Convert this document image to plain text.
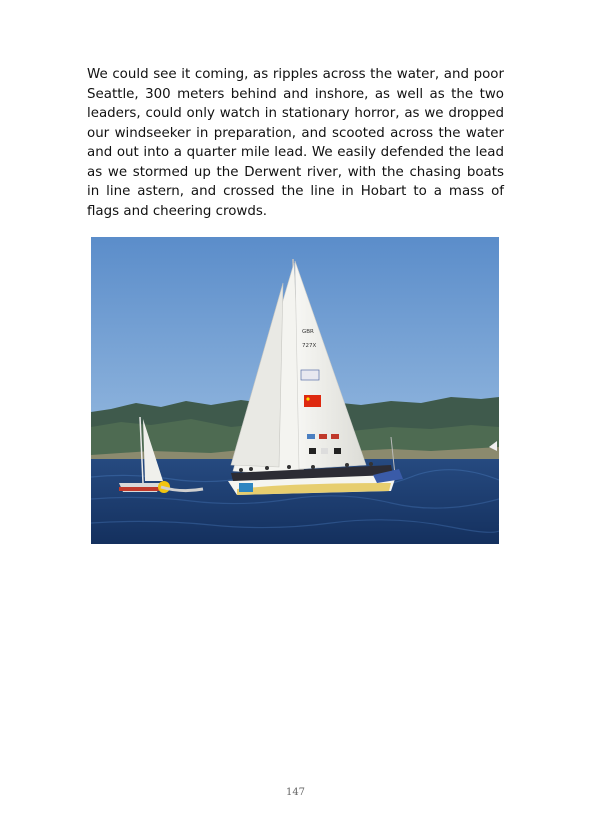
We could see it coming, as ripples across the water, and poor Seattle, 300 meters behind and inshore, as well as the two leaders, could only watch in stationary horror, as we dropped our windseeker in preparation, and scooted across the water and out into a quarter mile lead. We easily defended the lead as we stormed up the Derwent river, with the chasing boats in line astern, and crossed the line in Hobart to a mass of flags and cheering crowds.
GBR
727X
147
